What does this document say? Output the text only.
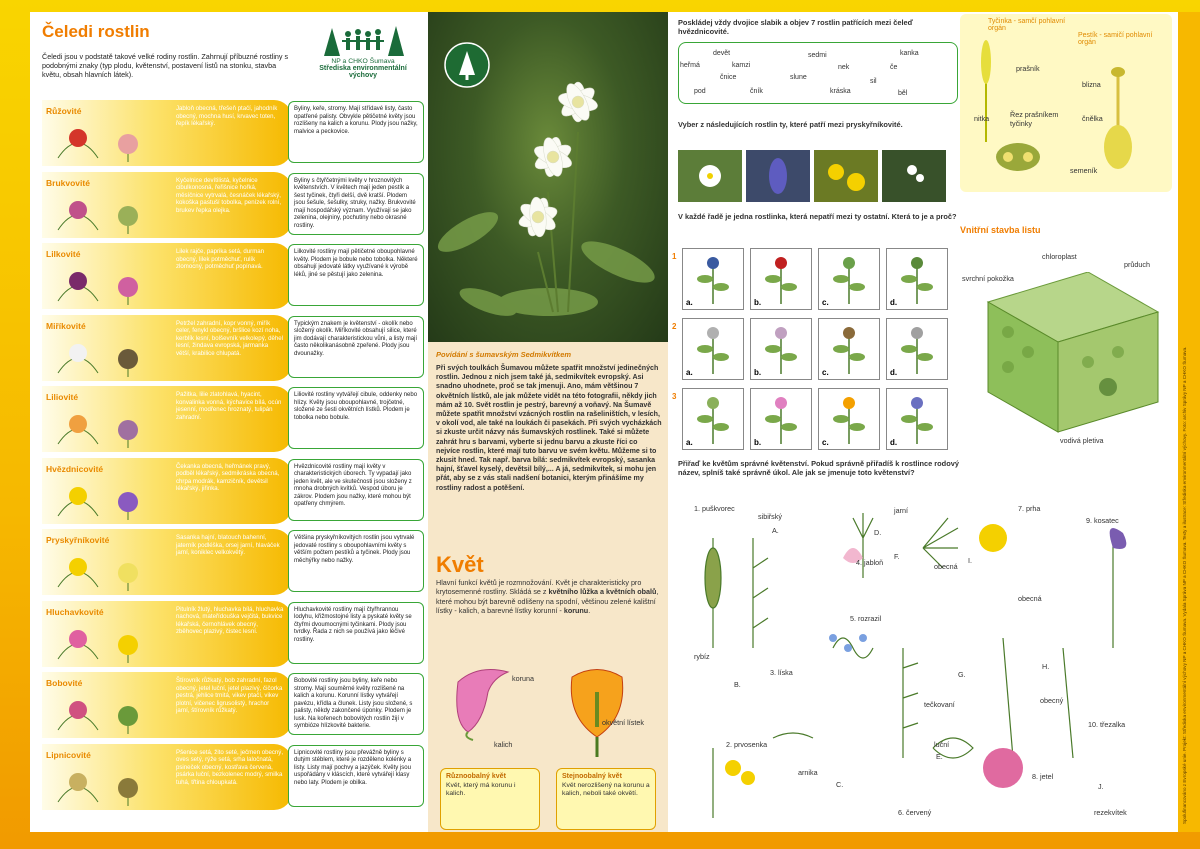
Čeledi rostlin
Čeledi jsou v podstatě takové velké rodiny rostlin. Zahrnují příbuzné rostliny s podobnými znaky (typ plodu, květenství, postavení listů na stonku, stavba květu, obsah hlavních látek).
NP a CHKO Šumava
Střediska environmentální výchovy
Růžovité	Jabloň obecná, třešeň ptačí, jahodník obecný, mochna husí, krvavec toten, řepík lékařský.
Byliny, keře, stromy. Mají střídavé listy, často opatřené palisty. Obvykle pětičetné květy jsou rozlišeny na kalich a korunu. Plody jsou nažky, malvice a peckovice.
Brukvovité	Kyčelnice devítilistá, kyčelnice cibulkonosná, řeřišnice hořká, měsíčnice vytrvalá, česnáček lékařský, kokoška pastuší tobolka, penízek rolní, brukev řepka olejka.
Byliny s čtyřčetnými květy v hroznovitých květenstvích. V květech mají jeden pestík a šest tyčinek, čtyři delší, dvě kratší. Plodem jsou šešule, šešulky, struky, nažky. Brukvovité mají hospodářský význam. Využívají se jako zelenina, olejniny, pochutiny nebo okrasné rostliny.
Lilkovité	Lilek rajče, paprika setá, durman obecný, lilek potměchuť, rulík zlomocný, potměchuť popínavá.
Lilkovité rostliny mají pětičetné oboupohlavné květy. Plodem je bobule nebo tobolka. Některé obsahují jedovaté látky využívané k výrobě léků, jiné se pěstují jako zelenina.
Miříkovité	Petržel zahradní, kopr vonný, miřík celer, fenykl obecný, bršlice kozí noha, kerblík lesní, bolševník velkolepý, děhel lesní, žindava evropská, jarmanka větší, krabilice chlupatá.
Typickým znakem je květenství - okolík nebo složený okolík. Miříkovité obsahují silice, které jim dodávají charakteristickou vůni, a listy mají často několikanásobně zpeřené. Plody jsou dvounažky.
Liliovité	Pažitka, lilie zlatohlavá, hyacint, konvalinka vonná, kýchavice bílá, ocún jesenní, modřenec hroznatý, tulipán zahradní.
Liliovité rostliny vytvářejí cibule, oddenky nebo hlízy. Květy jsou oboupohlavné, trojčetné, složené ze šesti okvětních lístků. Plodem je tobolka nebo bobule.
Hvězdnicovité	Čekanka obecná, heřmánek pravý, podběl lékařský, sedmikráska obecná, chrpa modrák, kamzičník, devětsil lékařský, jiřinka.
Hvězdnicovité rostliny mají květy v charakteristických úborech. Ty vypadají jako jeden květ, ale ve skutečnosti jsou složeny z mnoha drobných kvítků. Vespod úboru je zákrov. Plodem jsou nažky, které mohou být opatřeny chmýrem.
Pryskyřníkovité	Sasanka hajní, blatouch bahenní, jaterník podléška, orsej jarní, hlaváček jarní, koniklec velkokvětý.
Většina pryskyřníkovitých rostlin jsou vytrvalé jedovaté rostliny s oboupohlavními květy s větším počtem pestíků a tyčinek. Plody jsou měchýřky nebo nažky.
Hluchavkovité	Pitulník žlutý, hluchavka bílá, hluchavka nachová, mateřídouška vejčitá, bukvice lékařská, černohlávek obecný, zběhovec plazivý, čistec lesní.
Hluchavkovité rostliny mají čtyřhrannou lodyhu, křižmostojné listy a pyskaté květy se čtyřmi dvoumocnými tyčinkami. Plody jsou tvrdky. Řada z nich se používá jako léčivé rostliny.
Bobovité	Štírovník růžkatý, bob zahradní, fazol obecný, jetel luční, jetel plazivý, čičorka pestrá, jehlice trnitá, vikev ptačí, vikev plotní, vičenec ligrusolistý, hrachor jarní, štírovník růžkatý.
Bobovité rostliny jsou byliny, keře nebo stromy. Mají souměrné květy rozlišené na kalich a korunu. Korunní lístky vytvářejí pavézu, křídla a člunek. Listy jsou složené, s palisty, někdy zakončené úponky. Plodem je lusk. Na kořenech bobovitých rostlin žijí v symbióze hlízkovité bakterie.
Lipnicovité	Pšenice setá, žito seté, ječmen obecný, oves setý, rýže setá, srha laločnatá, psineček obecný, kostřava červená, psárka luční, bezkolenec modrý, smilka tuhá, třtina chloupkatá.
Lipnicovité rostliny jsou převážně byliny s dutým stéblem, které je rozděleno kolénky a listy. Listy mají pochvy a jazýček. Květy jsou uspořádány v kláscích, které vytvářejí klasy nebo laty. Plodem je obilka.
Povídání s šumavským Sedmikvítkem
Při svých toulkách Šumavou můžete spatřit množství jedinečných rostlin. Jednou z nich jsem také já, sedmikvítek evropský. Asi snadno uhodnete, proč se tak jmenuji. Ano, mám většinou 7 okvětních lístků, ale jak můžete vidět na této fotografii, někdy jich mám až 10. Svět rostlin je pestrý, barevný a voňavý. Na Šumavě můžete spatřit množství vzácných rostlin na rašeliništích, v lesích, v okolí vod, ale také na loukách či pasekách. Při svých vycházkách si zkuste určit názvy nás šumavských rostlinek. Také si můžete zahrát hru s barvami, vyberte si jednu barvu a zkuste říci co nejvíce rostlin, které mají tuto barvu ve svém květu. Můžeme si to zkusit hned. Tak např. barva bílá: sedmikvítek evropský, sasanka hajní, šťavel kyselý, devětsil bílý,... A já, sedmikvítek, si mohu jen přát, aby se z vás stali nadšení botanici, kterým přinášíme my rostliny radost a potěšení.
Květ
Hlavní funkcí květů je rozmnožování. Květ je charakteristicky pro krytosemenné rostliny. Skládá se z květního lůžka a květních obalů, které mohou být barevně odlišeny na spodní, většinou zelené kalištní lístky - kalich, a barevné lístky korunní - korunu.
koruna
kalich
okvětní lístek
Různoobalný květ
Květ, který má korunu i kalich.
Stejnoobalný květ
Květ nerozlišený na korunu a kalich, neboli také okvětí.
Poskládej vždy dvojice slabik a objev 7 rostlin patřících mezi čeleď hvězdnicovité.
devět
heřmá	kamzi
sedmi	kanka
nek	če
čnice	slune
sil
pod	čník	kráska	běl
Vyber z následujících rostlin ty, které patří mezi pryskyřníkovité.
V každé řadě je jedna rostlinka, která nepatří mezi ty ostatní. Která to je a proč?
1
a.	b.	c.	d.
2
a.	b.	c.	d.
3
a.	b.	c.	d.
Přiřaď ke květům správné květenství. Pokud správně přiřadíš k rostlince rodový název, splníš také správně úkol. Ale jak se jmenuje toto květenství?
1. puškvorec
sibiřský
A.
jarní
D.
7. prha
9. kosatec
4. jabloň
F.
obecná
I.
obecná
5. rozrazil
rybíz
B.
3. líska	G.
H.
tečkovaní	obecný
10. třezalka
2. prvosenka	luční
E.
arnika
C.
8. jetel
J.
6. červený	rezekvítek
Tyčinka - samčí pohlavní orgán
Pestík - samičí pohlavní orgán
prašník
blizna
nitka	čnělka
Řez prašníkem tyčinky
semeník
Vnitřní stavba listu
chloroplast
svrchní pokožka
průduch
vodivá pletiva	Spolufinancováno z Evropské unie. Projekt: Střediska environmentální výchovy NP a CHKO Šumava. Vydala Správa NP a CHKO Šumava. Texty a ilustrace: Střediska environmentální výchovy. Foto: archiv Správy NP a CHKO Šumava.
